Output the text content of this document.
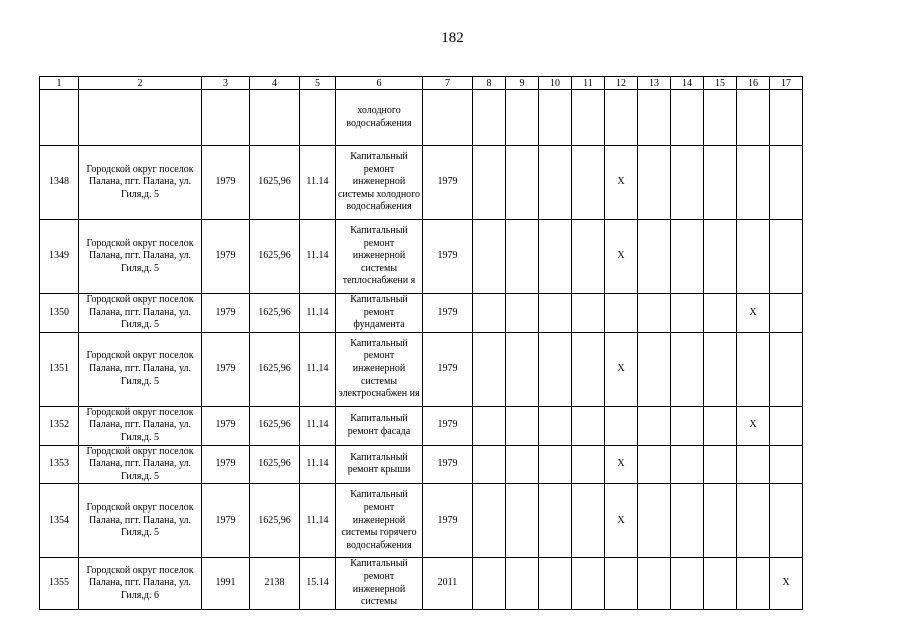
182
1	2	3	4	5	6	7	8	9	10	11	12	13	14	15	16	17
					холодного водоснабжения											
1348	Городской округ поселок Палана, пгт. Палана, ул. Гиля,д. 5	1979	1625,96	11.14	Капитальный ремонт инженерной системы холодного водоснабжения	1979					X					
1349	Городской округ поселок Палана, пгт. Палана, ул. Гиля,д. 5	1979	1625,96	11.14	Капитальный ремонт инженерной системы теплоснабжени я	1979					X					
1350	Городской округ поселок Палана, пгт. Палана, ул. Гиля,д. 5	1979	1625,96	11.14	Капитальный ремонт фундамента	1979									X	
1351	Городской округ поселок Палана, пгт. Палана, ул. Гиля,д. 5	1979	1625,96	11.14	Капитальный ремонт инженерной системы электроснабжен ия	1979					X					
1352	Городской округ поселок Палана, пгт. Палана, ул. Гиля,д. 5	1979	1625,96	11.14	Капитальный ремонт фасада	1979									X	
1353	Городской округ поселок Палана, пгт. Палана, ул. Гиля,д. 5	1979	1625,96	11.14	Капитальный ремонт крыши	1979					X					
1354	Городской округ поселок Палана, пгт. Палана, ул. Гиля,д. 5	1979	1625,96	11.14	Капитальный ремонт инженерной системы горячего водоснабжения	1979					X					
1355	Городской округ поселок Палана, пгт. Палана, ул. Гиля,д. 6	1991	2138	15.14	Капитальный ремонт инженерной системы	2011										X
